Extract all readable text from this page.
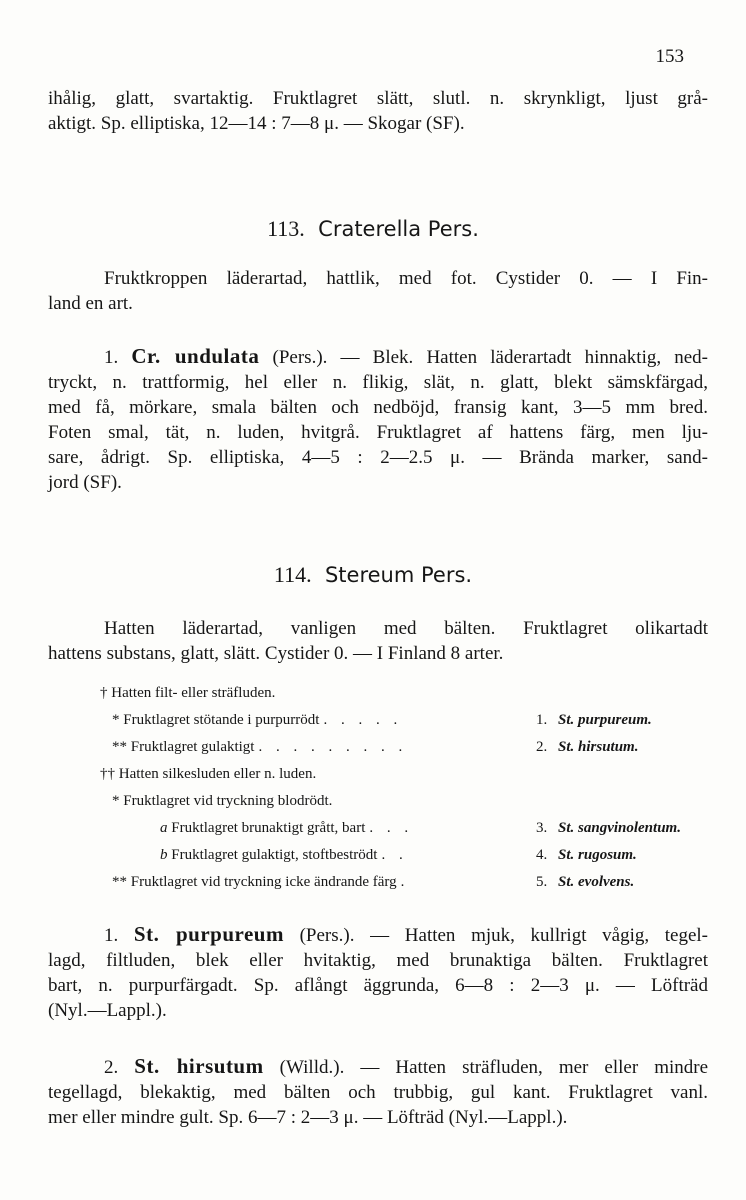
153
ihålig, glatt, svartaktig. Fruktlagret slätt, slutl. n. skrynkligt, ljust grå-
aktigt. Sp. elliptiska, 12—14 : 7—8 μ. — Skogar (SF).
113. Craterella Pers.
Fruktkroppen läderartad, hattlik, med fot. Cystider 0. — I Fin-
land en art.
1. Cr. undulata (Pers.). — Blek. Hatten läderartadt hinnaktig, ned-
tryckt, n. trattformig, hel eller n. flikig, slät, n. glatt, blekt sämskfärgad,
med få, mörkare, smala bälten och nedböjd, fransig kant, 3—5 mm bred.
Foten smal, tät, n. luden, hvitgrå. Fruktlagret af hattens färg, men lju-
sare, ådrigt. Sp. elliptiska, 4—5 : 2—2.5 μ. — Brända marker, sand-
jord (SF).
114. Stereum Pers.
Hatten läderartad, vanligen med bälten. Fruktlagret olikartadt
hattens substans, glatt, slätt. Cystider 0. — I Finland 8 arter.
† Hatten filt- eller sträfluden.
* Fruktlagret stötande i purpurrödt . . . . .	1. St. purpureum.
** Fruktlagret gulaktigt . . . . . . . . .	2. St. hirsutum.
†† Hatten silkesluden eller n. luden.
* Fruktlagret vid tryckning blodrödt.
a Fruktlagret brunaktigt grått, bart . . .	3. St. sangvinolentum.
b Fruktlagret gulaktigt, stoftbeströdt . .	4. St. rugosum.
** Fruktlagret vid tryckning icke ändrande färg .	5. St. evolvens.
1. St. purpureum (Pers.). — Hatten mjuk, kullrigt vågig, tegel-
lagd, filtluden, blek eller hvitaktig, med brunaktiga bälten. Fruktlagret
bart, n. purpurfärgadt. Sp. aflångt äggrunda, 6—8 : 2—3 μ. — Löfträd
(Nyl.—Lappl.).
2. St. hirsutum (Willd.). — Hatten sträfluden, mer eller mindre
tegellagd, blekaktig, med bälten och trubbig, gul kant. Fruktlagret vanl.
mer eller mindre gult. Sp. 6—7 : 2—3 μ. — Löfträd (Nyl.—Lappl.).
